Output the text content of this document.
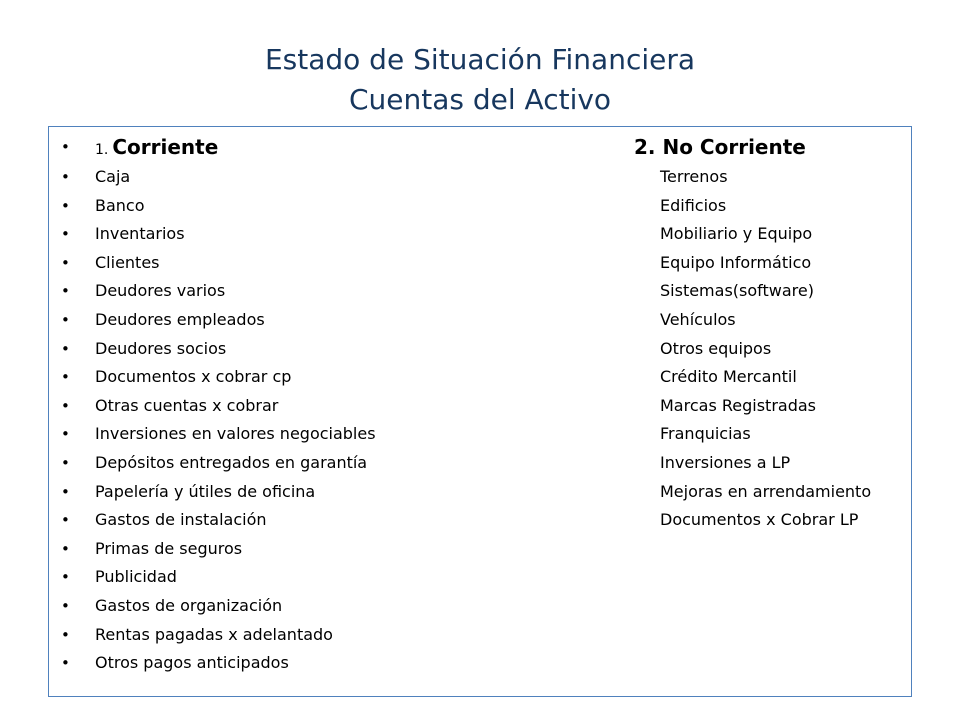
Estado de Situación Financiera
Cuentas del Activo
• 1. Corriente	2. No Corriente
• Caja	Terrenos
• Banco	Edificios
• Inventarios	Mobiliario y Equipo
• Clientes	Equipo Informático
• Deudores varios	Sistemas(software)
• Deudores empleados	Vehículos
• Deudores socios	Otros equipos
• Documentos x cobrar cp	Crédito Mercantil
• Otras cuentas x cobrar	Marcas Registradas
• Inversiones en valores negociables	Franquicias
• Depósitos entregados en garantía	Inversiones a LP
• Papelería y útiles de oficina	Mejoras en arrendamiento
• Gastos de instalación	Documentos x Cobrar LP
• Primas de seguros
• Publicidad
• Gastos de organización
• Rentas pagadas x adelantado
• Otros pagos anticipados
